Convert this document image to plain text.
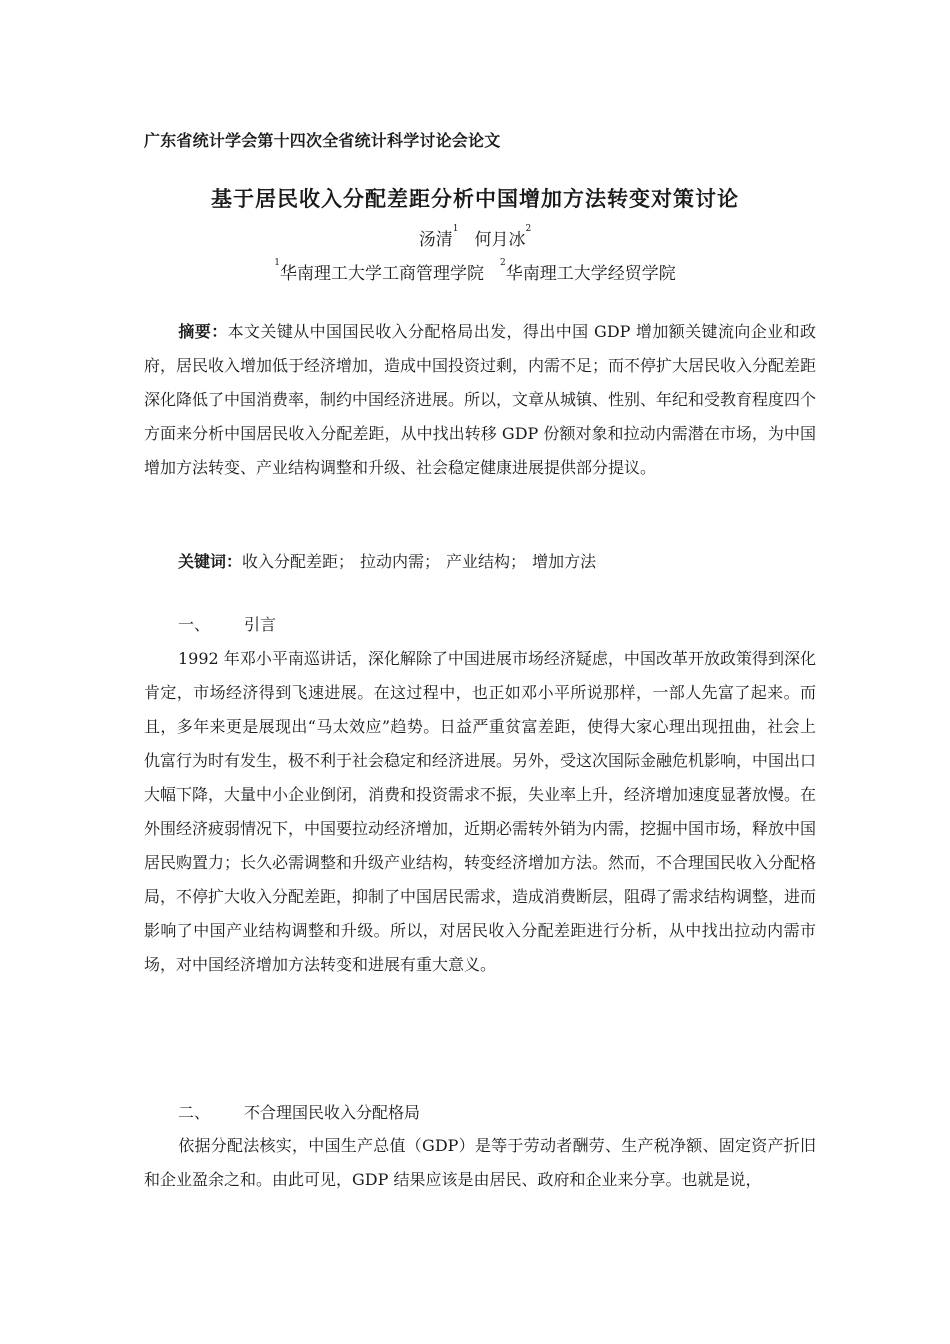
广东省统计学会第十四次全省统计科学讨论会论文
基于居民收入分配差距分析中国增加方法转变对策讨论
汤清$^1$何月冰$^2$
$^1$华南理工大学工商管理学院$^2$华南理工大学经贸学院
摘要：本文关键从中国国民收入分配格局出发，得出中国 GDP 增加额关键流向企业和政府，居民收入增加低于经济增加，造成中国投资过剩，内需不足；而不停扩大居民收入分配差距深化降低了中国消费率，制约中国经济进展。所以，文章从城镇、性别、年纪和受教育程度四个方面来分析中国居民收入分配差距，从中找出转移 GDP 份额对象和拉动内需潜在市场，为中国增加方法转变、产业结构调整和升级、社会稳定健康进展提供部分提议。
关键词：收入分配差距； 拉动内需； 产业结构； 增加方法
一、 引言
1992 年邓小平南巡讲话，深化解除了中国进展市场经济疑虑，中国改革开放政策得到深化肯定，市场经济得到飞速进展。在这过程中，也正如邓小平所说那样，一部人先富了起来。而且，多年来更是展现出“马太效应”趋势。日益严重贫富差距，使得大家心理出现扭曲，社会上仇富行为时有发生，极不利于社会稳定和经济进展。另外，受这次国际金融危机影响，中国出口大幅下降，大量中小企业倒闭，消费和投资需求不振，失业率上升，经济增加速度显著放慢。在外围经济疲弱情况下，中国要拉动经济增加，近期必需转外销为内需，挖掘中国市场，释放中国居民购置力；长久必需调整和升级产业结构，转变经济增加方法。然而，不合理国民收入分配格局，不停扩大收入分配差距，抑制了中国居民需求，造成消费断层，阻碍了需求结构调整，进而影响了中国产业结构调整和升级。所以，对居民收入分配差距进行分析，从中找出拉动内需市场，对中国经济增加方法转变和进展有重大意义。
二、 不合理国民收入分配格局
依据分配法核实，中国生产总值（GDP）是等于劳动者酬劳、生产税净额、固定资产折旧和企业盈余之和。由此可见，GDP 结果应该是由居民、政府和企业来分享。也就是说，
